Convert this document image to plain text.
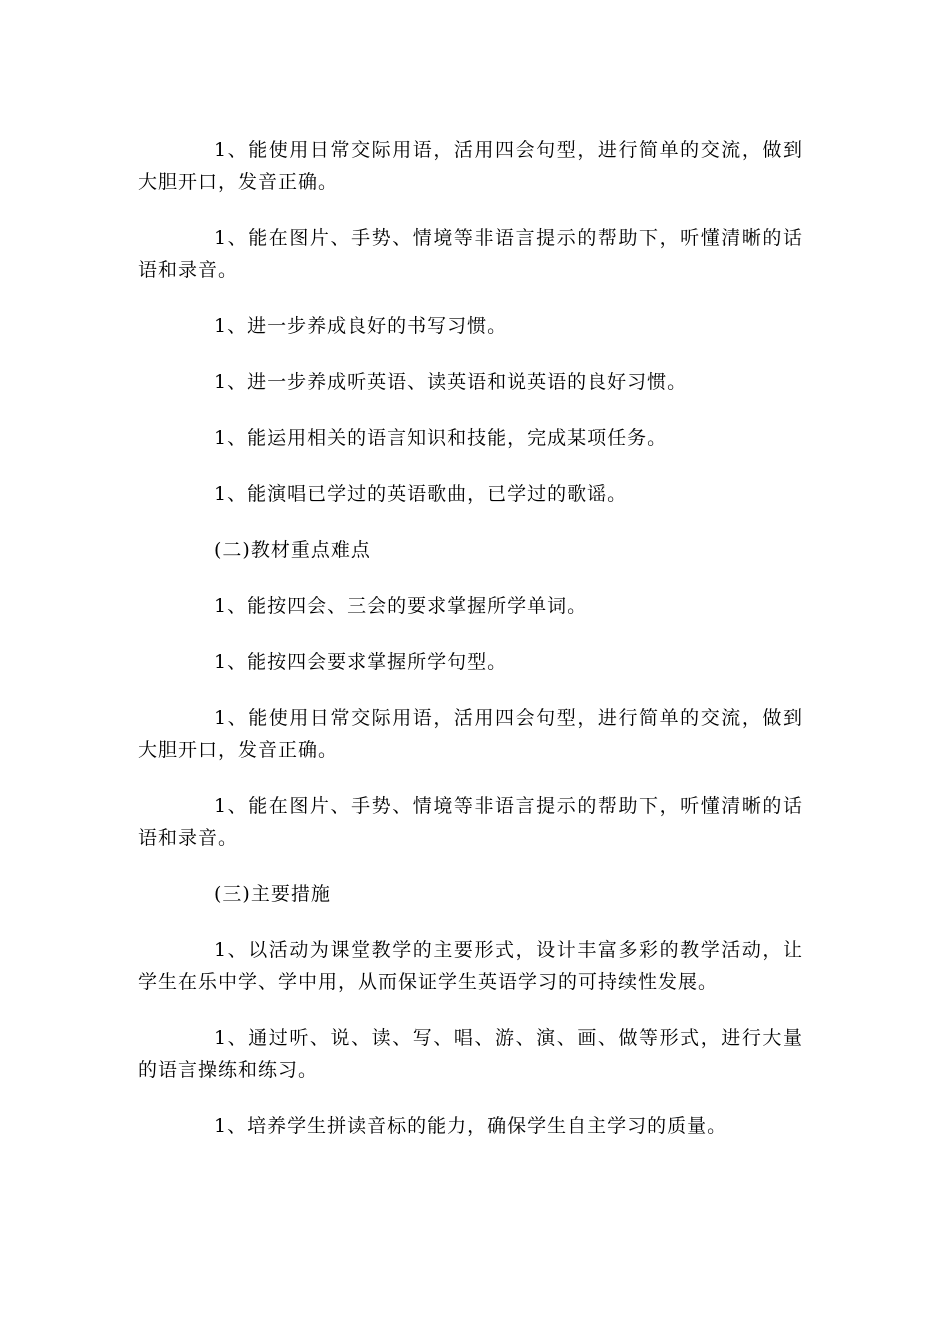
1、能使用日常交际用语，活用四会句型，进行简单的交流，做到大胆开口，发音正确。

1、能在图片、手势、情境等非语言提示的帮助下，听懂清晰的话语和录音。

1、进一步养成良好的书写习惯。

1、进一步养成听英语、读英语和说英语的良好习惯。

1、能运用相关的语言知识和技能，完成某项任务。

1、能演唱已学过的英语歌曲，已学过的歌谣。

(二)教材重点难点

1、能按四会、三会的要求掌握所学单词。

1、能按四会要求掌握所学句型。

1、能使用日常交际用语，活用四会句型，进行简单的交流，做到大胆开口，发音正确。

1、能在图片、手势、情境等非语言提示的帮助下，听懂清晰的话语和录音。

(三)主要措施

1、以活动为课堂教学的主要形式，设计丰富多彩的教学活动，让学生在乐中学、学中用，从而保证学生英语学习的可持续性发展。

1、通过听、说、读、写、唱、游、演、画、做等形式，进行大量的语言操练和练习。

1、培养学生拼读音标的能力，确保学生自主学习的质量。
